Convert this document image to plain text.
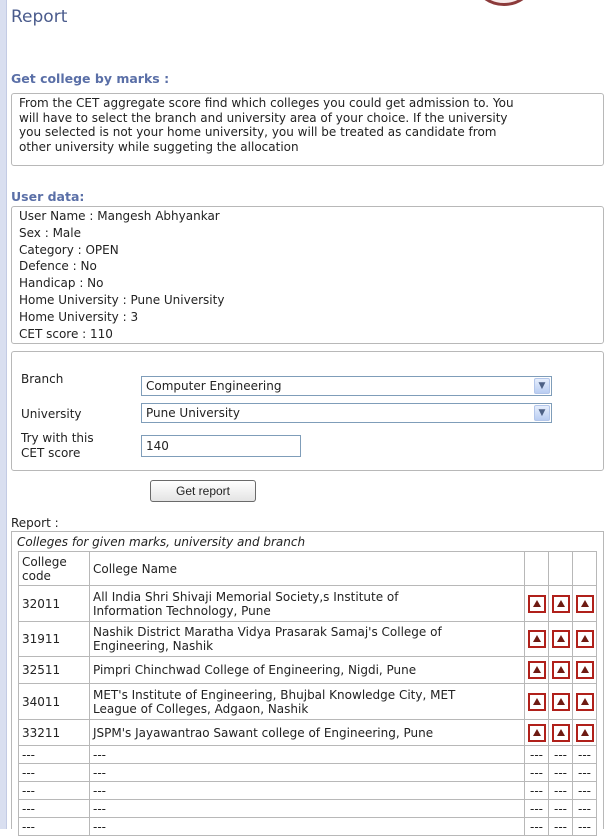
Report
Get college by marks :
From the CET aggregate score find which colleges you could get admission to. You
will have to select the branch and university area of your choice. If the university
you selected is not your home university, you will be treated as candidate from
other university while suggeting the allocation
User data:
User Name : Mangesh Abhyankar
Sex : Male
Category : OPEN
Defence : No
Handicap : No
Home University : Pune University
Home University : 3
CET score : 110
Branch	Computer Engineering	▼
University	Pune University	▼
Try with this
CET score	140
Get report
Report :
Colleges for given marks, university and branch
College
code	College Name			
32011	All India Shri Shivaji Memorial Society,s Institute of
Information Technology, Pune			

31911	Nashik District Maratha Vidya Prasarak Samaj's College of
Engineering, Nashik			

32511	Pimpri Chinchwad College of Engineering, Nigdi, Pune			
34011	MET's Institute of Engineering, Bhujbal Knowledge City, MET
League of Colleges, Adgaon, Nashik			

33211	JSPM's Jayawantrao Sawant college of Engineering, Pune			
---	---	---	---	---
---	---	---	---	---
---	---	---	---	---
---	---	---	---	---
---	---	---	---	---
